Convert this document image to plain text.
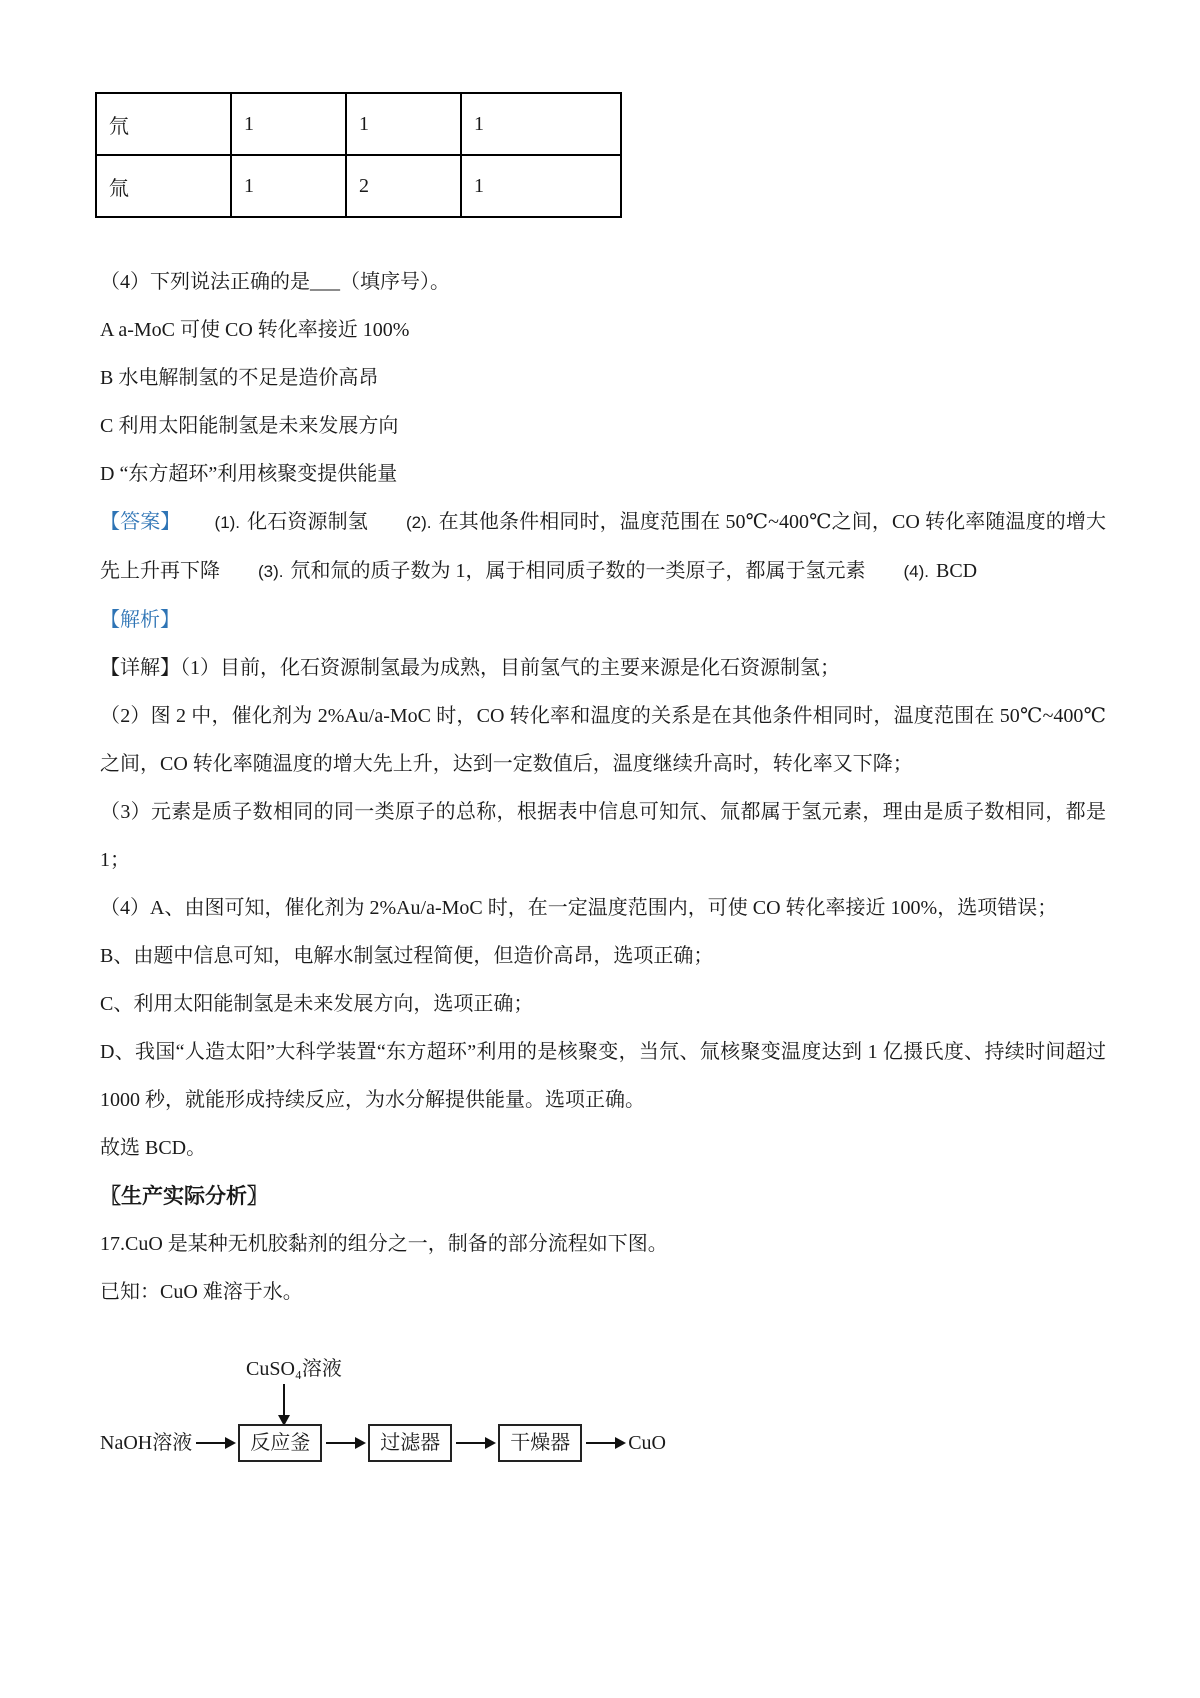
氘	1	1	1
氚	1	2	1

（4）下列说法正确的是___（填序号）。

A a-MoC 可使 CO 转化率接近 100%

B 水电解制氢的不足是造价高昂

C 利用太阳能制氢是未来发展方向

D “东方超环”利用核聚变提供能量

【答案】 (1). 化石资源制氢 (2). 在其他条件相同时，温度范围在 50℃~400℃之间，CO 转化率随温度的增大先上升再下降 (3). 氘和氚的质子数为 1，属于相同质子数的一类原子，都属于氢元素 (4). BCD

【解析】

【详解】（1）目前，化石资源制氢最为成熟，目前氢气的主要来源是化石资源制氢；

（2）图 2 中，催化剂为 2%Au/a-MoC 时，CO 转化率和温度的关系是在其他条件相同时，温度范围在 50℃~400℃之间，CO 转化率随温度的增大先上升，达到一定数值后，温度继续升高时，转化率又下降；

（3）元素是质子数相同的同一类原子的总称，根据表中信息可知氘、氚都属于氢元素，理由是质子数相同，都是 1；

（4）A、由图可知，催化剂为 2%Au/a-MoC 时，在一定温度范围内，可使 CO 转化率接近 100%，选项错误；

B、由题中信息可知，电解水制氢过程简便，但造价高昂，选项正确；

C、利用太阳能制氢是未来发展方向，选项正确；

D、我国“人造太阳”大科学装置“东方超环”利用的是核聚变，当氘、氚核聚变温度达到 1 亿摄氏度、持续时间超过 1000 秒，就能形成持续反应，为水分解提供能量。选项正确。

故选 BCD。

〖生产实际分析〗

17.CuO 是某种无机胶黏剂的组分之一，制备的部分流程如下图。

已知：CuO 难溶于水。

CuSO₄溶液
NaOH溶液	反应釜	过滤器	干燥器	CuO
